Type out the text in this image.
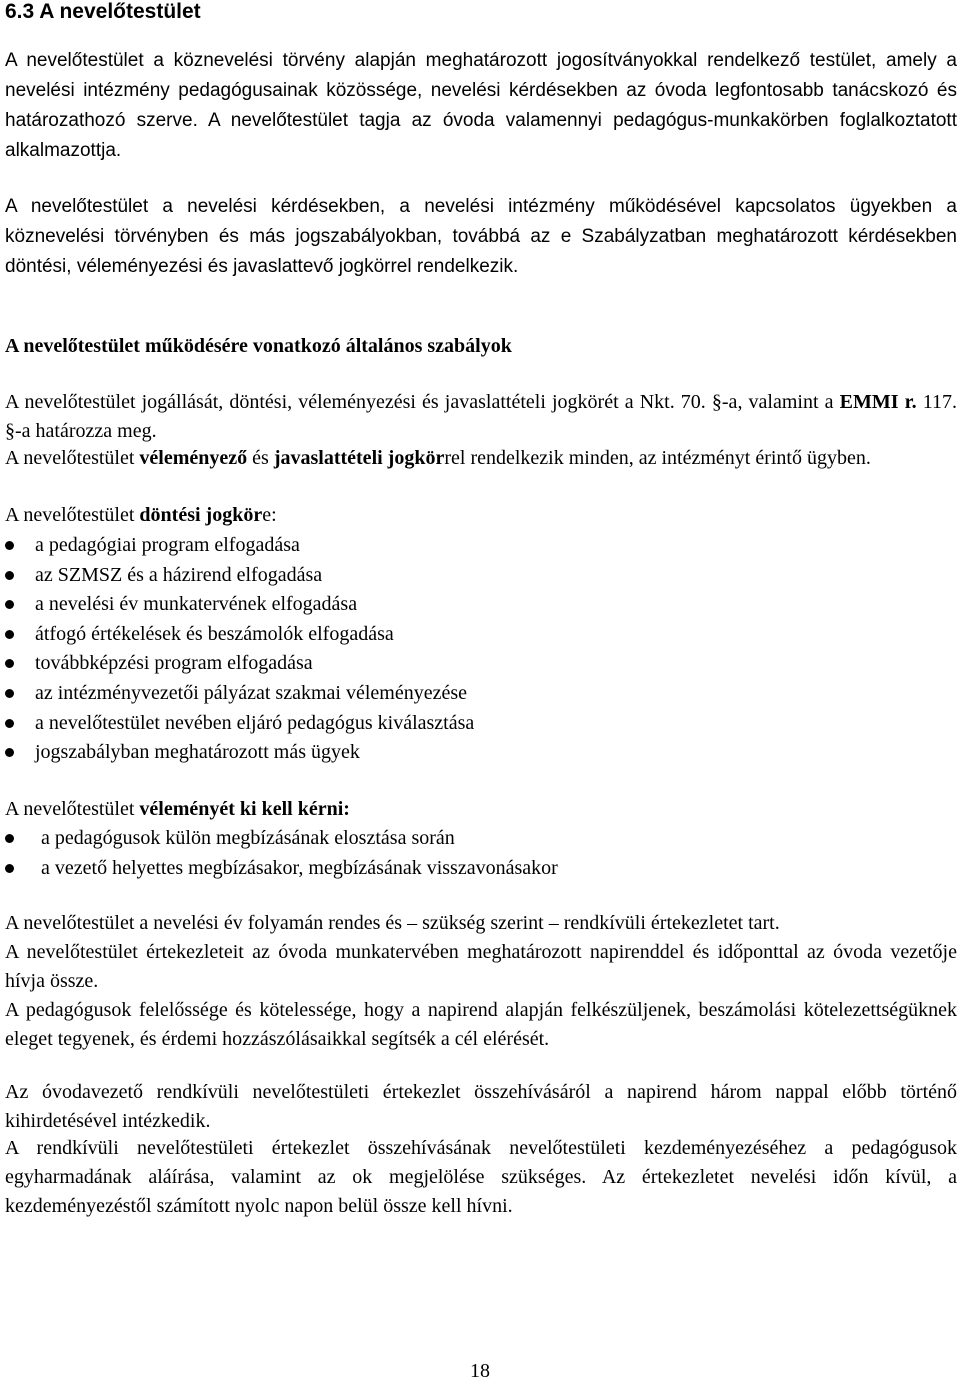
6.3 A nevelőtestület
A nevelőtestület a köznevelési törvény alapján meghatározott jogosítványokkal rendelkező testület, amely a nevelési intézmény pedagógusainak közössége, nevelési kérdésekben az óvoda legfontosabb tanácskozó és határozathozó szerve. A nevelőtestület tagja az óvoda valamennyi pedagógus-munkakörben foglalkoztatott alkalmazottja.
A nevelőtestület a nevelési kérdésekben, a nevelési intézmény működésével kapcsolatos ügyekben a köznevelési törvényben és más jogszabályokban, továbbá az e Szabályzatban meghatározott kérdésekben döntési, véleményezési és javaslattevő jogkörrel rendelkezik.
A nevelőtestület működésére vonatkozó általános szabályok
A nevelőtestület jogállását, döntési, véleményezési és javaslattételi jogkörét a Nkt. 70. §-a, valamint a EMMI r. 117. §-a határozza meg.
A nevelőtestület véleményező és javaslattételi jogkörrel rendelkezik minden, az intézményt érintő ügyben.
A nevelőtestület döntési jogköre:
a pedagógiai program elfogadása
az SZMSZ és a házirend elfogadása
a nevelési év munkatervének elfogadása
átfogó értékelések és beszámolók elfogadása
továbbképzési program elfogadása
az intézményvezetői pályázat szakmai véleményezése
a nevelőtestület nevében eljáró pedagógus kiválasztása
jogszabályban meghatározott más ügyek
A nevelőtestület véleményét ki kell kérni:
a pedagógusok külön megbízásának elosztása során
a vezető helyettes megbízásakor, megbízásának visszavonásakor
A nevelőtestület a nevelési év folyamán rendes és – szükség szerint – rendkívüli értekezletet tart.
A nevelőtestület értekezleteit az óvoda munkatervében meghatározott napirenddel és időponttal az óvoda vezetője hívja össze.
A pedagógusok felelőssége és kötelessége, hogy a napirend alapján felkészüljenek, beszámolási kötelezettségüknek eleget tegyenek, és érdemi hozzászólásaikkal segítsék a cél elérését.
Az óvodavezető rendkívüli nevelőtestületi értekezlet összehívásáról a napirend három nappal előbb történő kihirdetésével intézkedik.
A rendkívüli nevelőtestületi értekezlet összehívásának nevelőtestületi kezdeményezéséhez a pedagógusok egyharmadának aláírása, valamint az ok megjelölése szükséges. Az értekezletet nevelési időn kívül, a kezdeményezéstől számított nyolc napon belül össze kell hívni.
18
